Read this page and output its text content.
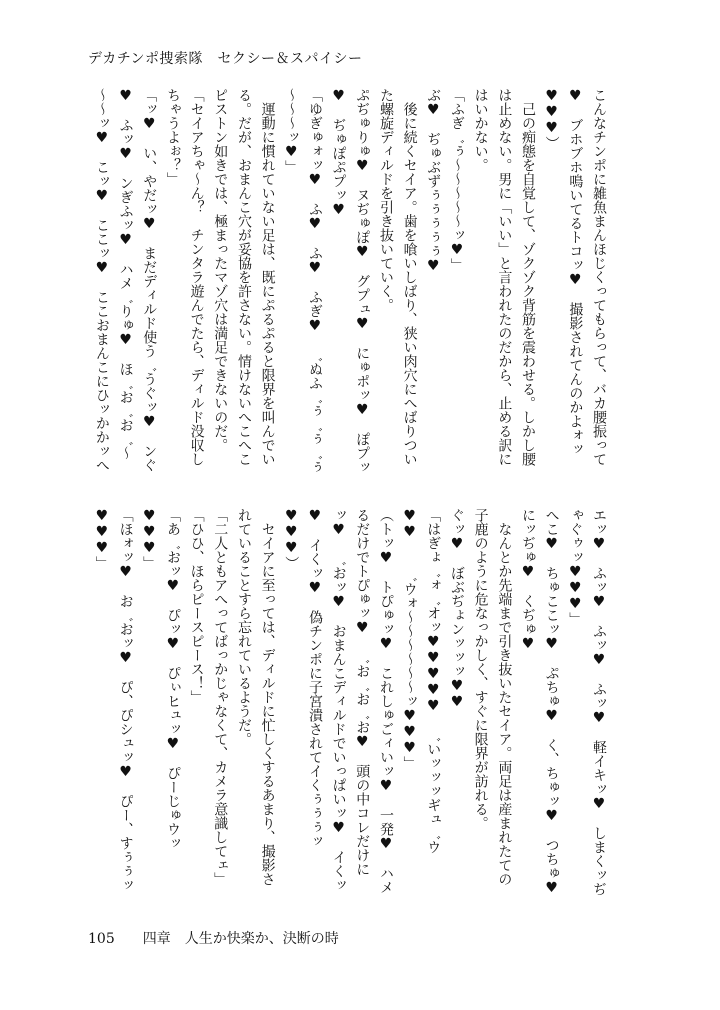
デカチンポ捜索隊　セクシー＆スパイシー
こんなチンポに雑魚まんほじくってもらって、バカ腰振って
♥　ブホブホ鳴いてるトコッ♥　撮影されてんのかよォッ
♥♥♥）
　己の痴態を自覚して、ゾクゾク背筋を震わせる。しかし腰
は止めない。男に「いい」と言われたのだから、止める訳に
はいかない。
「ふぎ゛ぅ～～～～～ッ♥」
ぶ♥　ぢゅぶずぅぅぅぅぅ♥
　後に続くセイア。歯を喰いしばり、狭い肉穴にへばりつい
た螺旋ディルドを引き抜いていく。
ぷぢゅりゅ♥　ヌぢゅぽ♥　グプュ♥　にゅポッ♥　ぽプッ
♥　ぢゅぽぷプッ♥
「ゆぎゅォッ♥　ふ♥　ふ♥　ふぎ♥　゛ぬふ゛ぅ゛ぅ゛ぅ
～～～ッ♥」
　運動に慣れていない足は、既にぷるぷると限界を叫んでい
る。だが、おまんこ穴が妥協を許さない。情けないへこへこ
ピストン如きでは、極まったマゾ穴は満足できないのだ。
「セイアちゃ～ん？　チンタラ遊んでたら、ディルド没収し
ちゃうよぉ？」
「ッ♥　い、やだッ♥　まだディルド使う゛うぐッ♥　ンぐ
♥　ふッ♥　ンぎふッ♥　ハメ゛りゅ♥　ほ゛お゛お゛～
～～ッ♥　こッ♥　ここッ♥　ここおまんこにひッかかッへ
エッ♥　ふッ♥　ふッ♥　ふッ♥　軽イキッ♥　しまくッぢ
ゃぐゥッ♥♥♥」
へこ♥　ちゅここッ♥　ぷちゅ♥　く、ちゅッ♥　つちゅ♥
にッぢゅ♥　くぢゅ♥
　なんとか先端まで引き抜いたセイア。両足は産まれたての
子鹿のように危なっかしく、すぐに限界が訪れる。
ぐッ♥　ぼぶぢょンッッッ♥♥
「はぎょ゛ォ゛オッ♥♥♥♥♥　゛いッッッギュ゛ウ
♥♥　　゛ウォ～～～～～～ッ♥♥♥」
（トッ♥　トぴゅッ♥　これしゅごィいッ♥　一発♥　ハメ
るだけでトぴゅッ♥　゛お゛お゛お♥　頭の中コレだけに
ッ♥　゛おッ♥　おまんこディルドでいっぱいッ♥　イくッ
♥　イくッ♥　偽チンポに子宮潰されてイくぅぅぅッ
♥♥♥）
　セイアに至っては、ディルドに忙しくするあまり、撮影さ
れていることすら忘れているようだ。
「二人ともアへってばっかじゃなくて、カメラ意識してェ」
「ひひ、ほらピースピース！」
「あ゛おッ♥　ぴッ♥　ぴぃヒュッ♥　ぴーじゅウッ
♥♥♥」
「ほォッ♥　お゛おッ♥　ぴ、ぴシュッ♥　ぴー、すぅぅッ
♥♥♥」
105　　 四章　人生か快楽か、決断の時
